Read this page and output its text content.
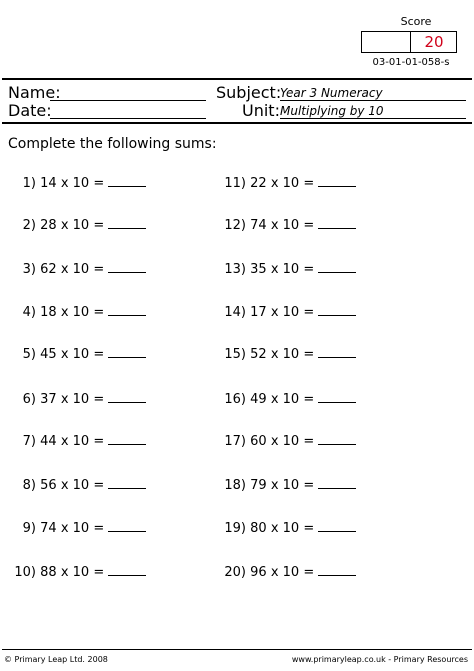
Score
20
03-01-01-058-s
Name:
Date:
Subject:
Year 3 Numeracy
Unit: Multiplying by 10
Complete the following sums:
1) 14 x 10 =
2) 28 x 10 =
3) 62 x 10 =
4) 18 x 10 =
5) 45 x 10 =
6) 37 x 10 =
7) 44 x 10 =
8) 56 x 10 =
9) 74 x 10 =
10) 88 x 10 =
11) 22 x 10 =
12) 74 x 10 =
13) 35 x 10 =
14) 17 x 10 =
15) 52 x 10 =
16) 49 x 10 =
17) 60 x 10 =
18) 79 x 10 =
19) 80 x 10 =
20) 96 x 10 =
© Primary Leap Ltd. 2008	www.primaryleap.co.uk - Primary Resources
